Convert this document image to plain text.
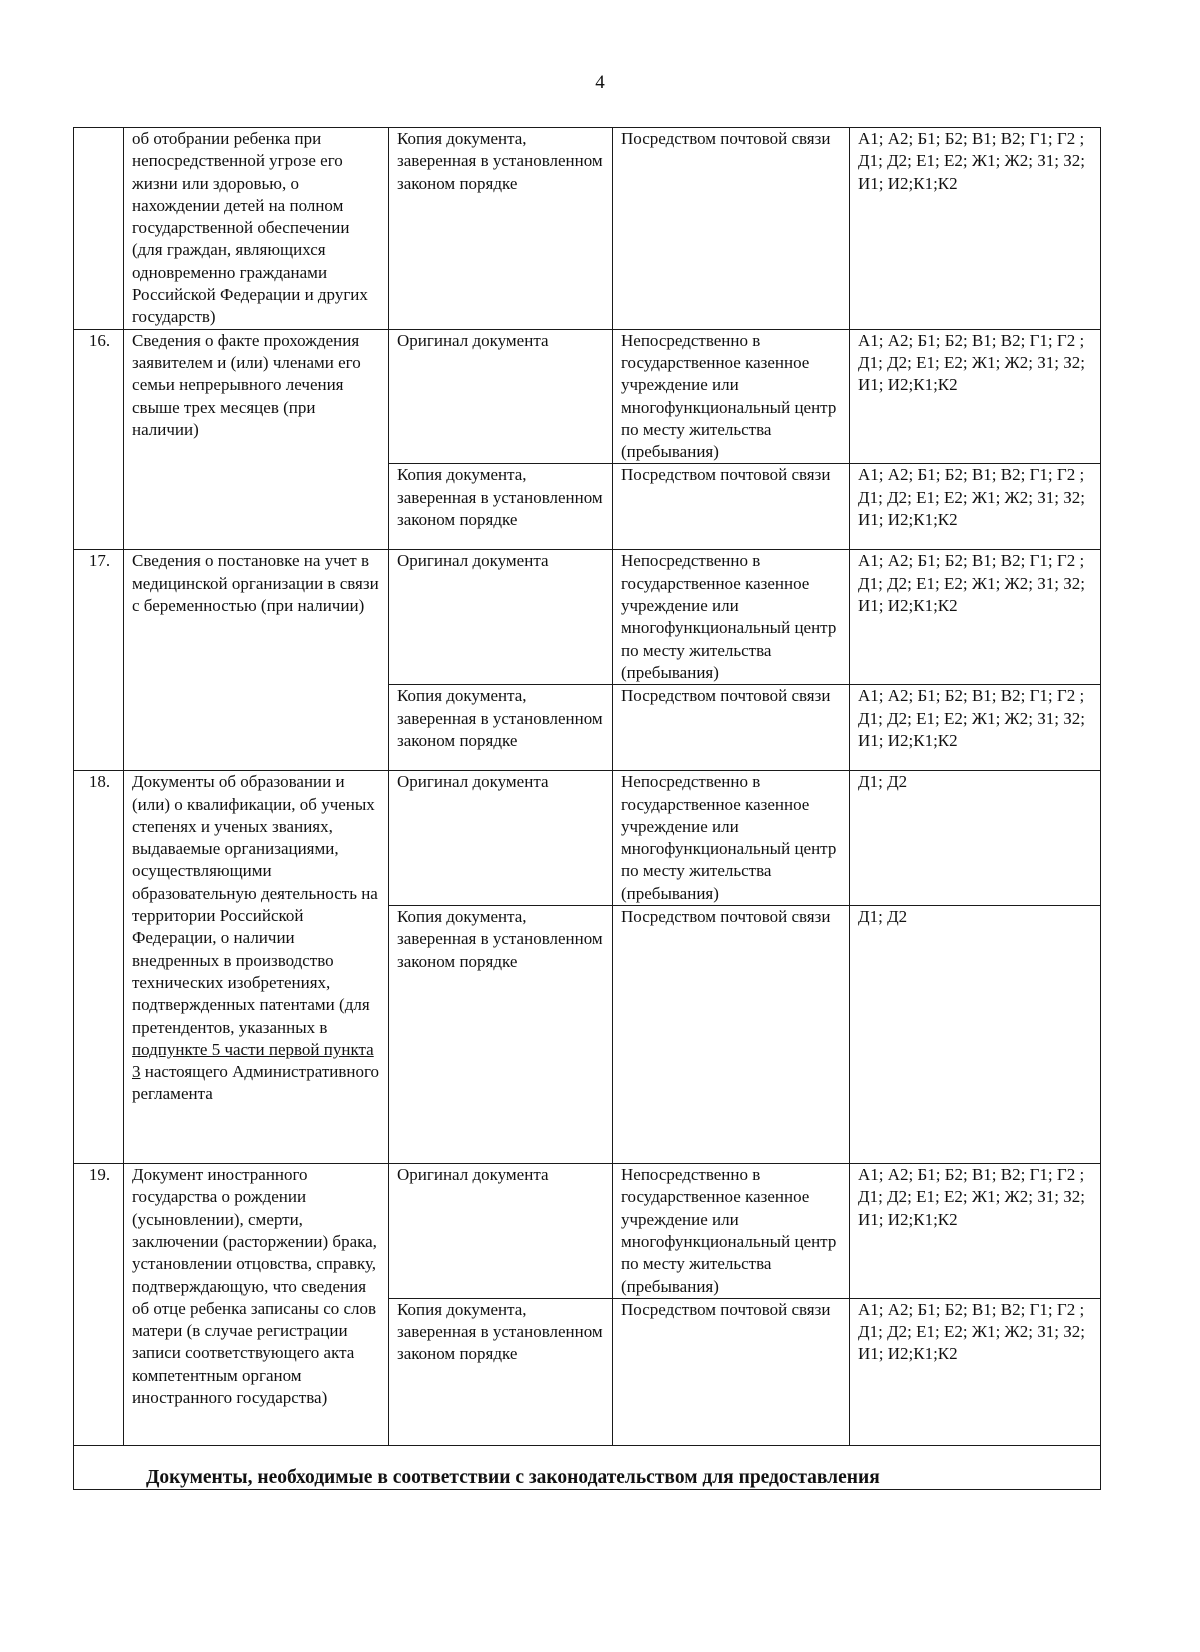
4
	об отобрании ребенка при непосредственной угрозе его жизни или здоровью, о нахождении детей на полном государственной обеспечении (для граждан, являющихся одновременно гражданами Российской Федерации и других государств)	Копия документа, заверенная в установленном законом порядке	Посредством почтовой связи	А1; А2; Б1; Б2; В1; В2; Г1; Г2 ; Д1; Д2; Е1; Е2; Ж1; Ж2; З1; З2; И1; И2;К1;К2
16.	Сведения о факте прохождения заявителем и (или) членами его семьи непрерывного лечения свыше трех месяцев (при наличии)	Оригинал документа	Непосредственно в государственное казенное учреждение или многофункциональный центр по месту жительства (пребывания)	А1; А2; Б1; Б2; В1; В2; Г1; Г2 ; Д1; Д2; Е1; Е2; Ж1; Ж2; З1; З2; И1; И2;К1;К2
		Копия документа, заверенная в установленном законом порядке	Посредством почтовой связи	А1; А2; Б1; Б2; В1; В2; Г1; Г2 ; Д1; Д2; Е1; Е2; Ж1; Ж2; З1; З2; И1; И2;К1;К2
17.	Сведения о постановке на учет в медицинской организации в связи с беременностью (при наличии)	Оригинал документа	Непосредственно в государственное казенное учреждение или многофункциональный центр по месту жительства (пребывания)	А1; А2; Б1; Б2; В1; В2; Г1; Г2 ; Д1; Д2; Е1; Е2; Ж1; Ж2; З1; З2; И1; И2;К1;К2
		Копия документа, заверенная в установленном законом порядке	Посредством почтовой связи	А1; А2; Б1; Б2; В1; В2; Г1; Г2 ; Д1; Д2; Е1; Е2; Ж1; Ж2; З1; З2; И1; И2;К1;К2
18.	Документы об образовании и (или) о квалификации, об ученых степенях и ученых званиях, выдаваемые организациями, осуществляющими образовательную деятельность на территории Российской Федерации, о наличии внедренных в производство технических изобретениях, подтвержденных патентами (для претендентов, указанных в подпункте 5 части первой пункта 3 настоящего Административного регламента	Оригинал документа	Непосредственно в государственное казенное учреждение или многофункциональный центр по месту жительства (пребывания)	Д1; Д2
		Копия документа, заверенная в установленном законом порядке	Посредством почтовой связи	Д1; Д2
19.	Документ иностранного государства о рождении (усыновлении), смерти, заключении (расторжении) брака, установлении отцовства, справку, подтверждающую, что сведения об отце ребенка записаны со слов матери (в случае регистрации записи соответствующего акта компетентным органом иностранного государства)	Оригинал документа	Непосредственно в государственное казенное учреждение или многофункциональный центр по месту жительства (пребывания)	А1; А2; Б1; Б2; В1; В2; Г1; Г2 ; Д1; Д2; Е1; Е2; Ж1; Ж2; З1; З2; И1; И2;К1;К2
		Копия документа, заверенная в установленном законом порядке	Посредством почтовой связи	А1; А2; Б1; Б2; В1; В2; Г1; Г2 ; Д1; Д2; Е1; Е2; Ж1; Ж2; З1; З2; И1; И2;К1;К2

Документы, необходимые в соответствии с законодательством для предоставления				
